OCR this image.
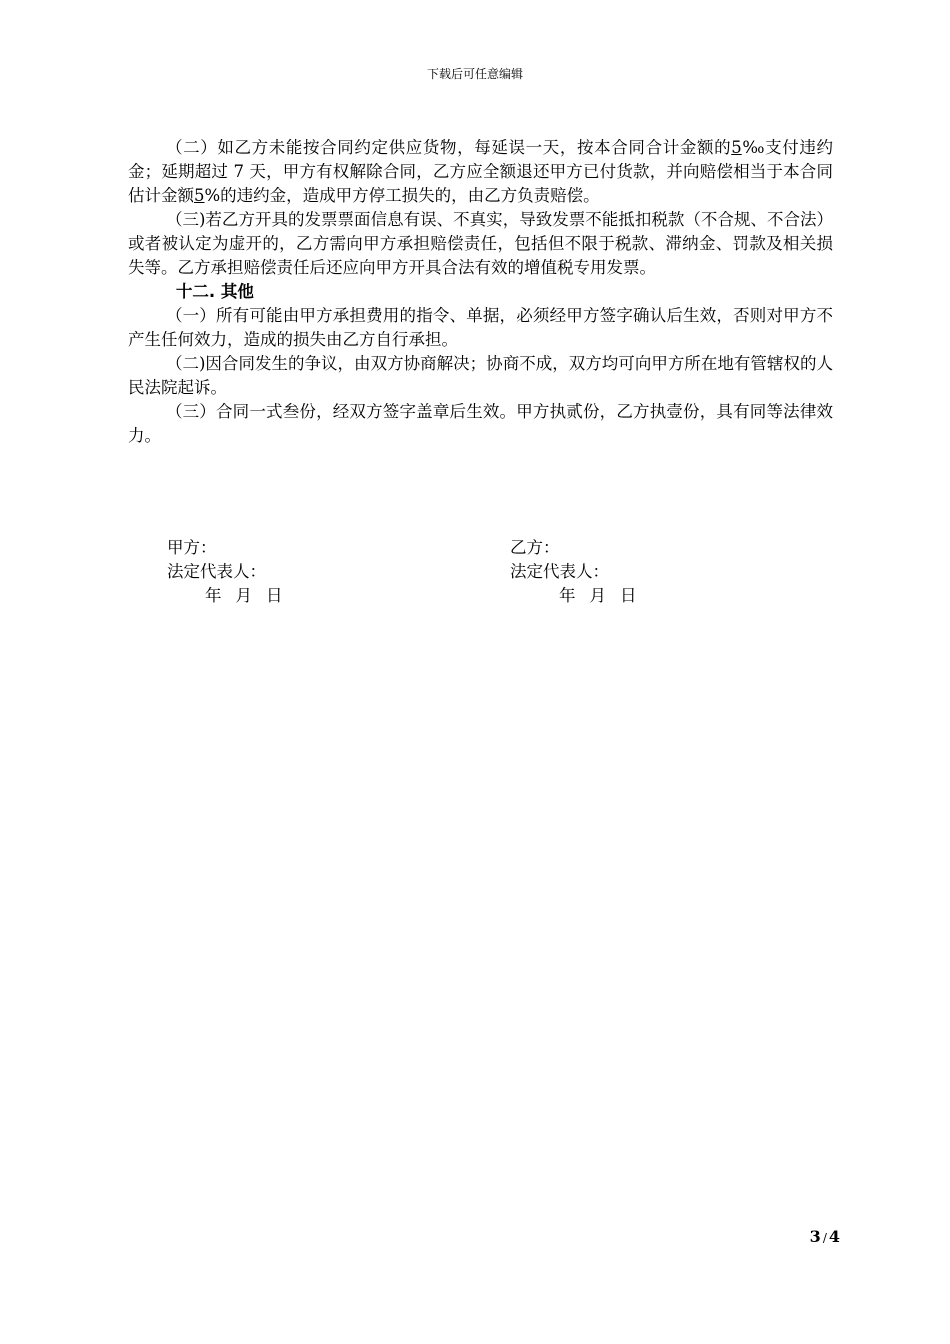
下载后可任意编辑

（二）如乙方未能按合同约定供应货物，每延误一天，按本合同合计金额的5‰支付违约金；延期超过 7 天，甲方有权解除合同，乙方应全额退还甲方已付货款，并向赔偿相当于本合同估计金额5%的违约金，造成甲方停工损失的，由乙方负责赔偿。

（三)若乙方开具的发票票面信息有误、不真实，导致发票不能抵扣税款（不合规、不合法）或者被认定为虚开的，乙方需向甲方承担赔偿责任，包括但不限于税款、滞纳金、罚款及相关损失等。乙方承担赔偿责任后还应向甲方开具合法有效的增值税专用发票。

十二. 其他

（一）所有可能由甲方承担费用的指令、单据，必须经甲方签字确认后生效，否则对甲方不产生任何效力，造成的损失由乙方自行承担。

（二)因合同发生的争议，由双方协商解决；协商不成，双方均可向甲方所在地有管辖权的人民法院起诉。

（三）合同一式叁份，经双方签字盖章后生效。甲方执贰份，乙方执壹份，具有同等法律效力。

甲方：
法定代表人：
年 月 日
乙方：
法定代表人：
年 月 日
3 / 4
